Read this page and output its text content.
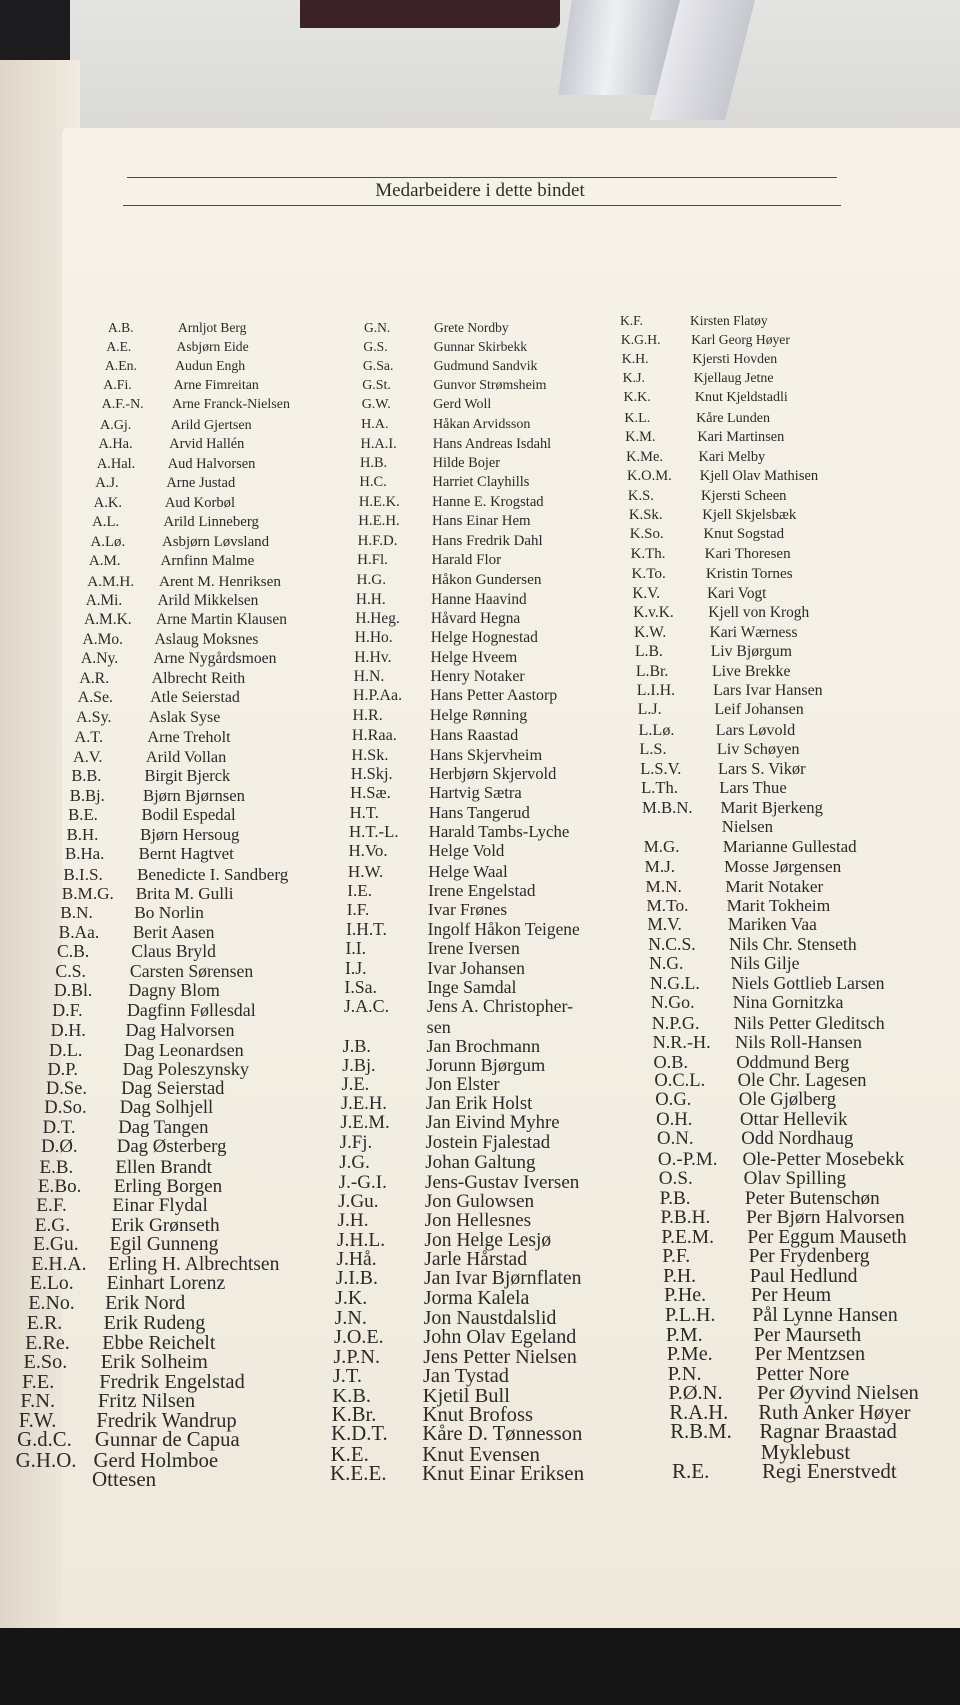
Medarbeidere i dette bindet
A.B.	Arnljot Berg
A.E.	Asbjørn Eide
A.En.	Audun Engh
A.Fi.	Arne Fimreitan
A.F.-N. Arne Franck-Nielsen
A.Gj.	Arild Gjertsen
A.Ha.	Arvid Hallén
A.Hal. Aud Halvorsen
A.J.	Arne Justad
A.K.	Aud Korbøl
A.L.	Arild Linneberg
A.Lø. Asbjørn Løvsland
A.M.	Arnfinn Malme
A.M.H. Arent M. Henriksen
A.Mi. Arild Mikkelsen
A.M.K. Arne Martin Klausen
A.Mo. Aslaug Moksnes
A.Ny. Arne Nygårdsmoen
A.R.	Albrecht Reith
A.Se. Atle Seierstad
A.Sy. Aslak Syse
A.T.	Arne Treholt
A.V.	Arild Vollan
B.B.	Birgit Bjerck
B.Bj. Bjørn Bjørnsen
B.E.	Bodil Espedal
B.H. Bjørn Hersoug
B.Ha. Bernt Hagtvet
B.I.S. Benedicte I. Sandberg
B.M.G. Brita M. Gulli
B.N. Bo Norlin
B.Aa. Berit Aasen
C.B. Claus Bryld
C.S. Carsten Sørensen
D.Bl. Dagny Blom
D.F. Dagfinn Føllesdal
D.H. Dag Halvorsen
D.L. Dag Leonardsen
D.P. Dag Poleszynsky
D.Se. Dag Seierstad
D.So. Dag Solhjell
D.T. Dag Tangen
D.Ø. Dag Østerberg
E.B. Ellen Brandt
E.Bo. Erling Borgen
E.F. Einar Flydal
E.G. Erik Grønseth
E.Gu. Egil Gunneng
E.H.A. Erling H. Albrechtsen
E.Lo. Einhart Lorenz
E.No. Erik Nord
E.R. Erik Rudeng
E.Re. Ebbe Reichelt
E.So. Erik Solheim
F.E. Fredrik Engelstad
F.N. Fritz Nilsen
F.W. Fredrik Wandrup
G.d.C. Gunnar de Capua
G.H.O. Gerd Holmboe
Ottesen
G.N.	Grete Nordby
G.S.	Gunnar Skirbekk
G.Sa.	Gudmund Sandvik
G.St.	Gunvor Strømsheim
G.W.	Gerd Woll
H.A.	Håkan Arvidsson
H.A.I.	Hans Andreas Isdahl
H.B.	Hilde Bojer
H.C.	Harriet Clayhills
H.E.K. Hanne E. Krogstad
H.E.H. Hans Einar Hem
H.F.D. Hans Fredrik Dahl
H.Fl.	Harald Flor
H.G.	Håkon Gundersen
H.H.	Hanne Haavind
H.Heg. Håvard Hegna
H.Ho. Helge Hognestad
H.Hv. Helge Hveem
H.N.	Henry Notaker
H.P.Aa. Hans Petter Aastorp
H.R.	Helge Rønning
H.Raa. Hans Raastad
H.Sk.	Hans Skjervheim
H.Skj. Herbjørn Skjervold
H.Sæ. Hartvig Sætra
H.T.	Hans Tangerud
H.T.-L. Harald Tambs-Lyche
H.Vo. Helge Vold
H.W.	Helge Waal
I.E.	Irene Engelstad
I.F.	Ivar Frønes
I.H.T. Ingolf Håkon Teigene
I.I.	Irene Iversen
I.J.	Ivar Johansen
I.Sa.	Inge Samdal
J.A.C. Jens A. Christopher-
sen
J.B.	Jan Brochmann
J.Bj.	Jorunn Bjørgum
J.E.	Jon Elster
J.E.H. Jan Erik Holst
J.E.M. Jan Eivind Myhre
J.Fj.	Jostein Fjalestad
J.G.	Johan Galtung
J.-G.I. Jens-Gustav Iversen
J.Gu. Jon Gulowsen
J.H.	Jon Hellesnes
J.H.L. Jon Helge Lesjø
J.Hå. Jarle Hårstad
J.I.B. Jan Ivar Bjørnflaten
J.K.	Jorma Kalela
J.N.	Jon Naustdalslid
J.O.E. John Olav Egeland
J.P.N. Jens Petter Nielsen
J.T.	Jan Tystad
K.B.	Kjetil Bull
K.Br. Knut Brofoss
K.D.T. Kåre D. Tønnesson
K.E.	Knut Evensen
K.E.E. Knut Einar Eriksen
K.F.	Kirsten Flatøy
K.G.H. Karl Georg Høyer
K.H.	Kjersti Hovden
K.J.	Kjellaug Jetne
K.K.	Knut Kjeldstadli
K.L.	Kåre Lunden
K.M.	Kari Martinsen
K.Me. Kari Melby
K.O.M. Kjell Olav Mathisen
K.S.	Kjersti Scheen
K.Sk.	Kjell Skjelsbæk
K.So.	Knut Sogstad
K.Th.	Kari Thoresen
K.To.	Kristin Tornes
K.V.	Kari Vogt
K.v.K. Kjell von Krogh
K.W.	Kari Wærness
L.B.	Liv Bjørgum
L.Br.	Live Brekke
L.I.H. Lars Ivar Hansen
L.J.	Leif Johansen
L.Lø.	Lars Løvold
L.S.	Liv Schøyen
L.S.V. Lars S. Vikør
L.Th. Lars Thue
M.B.N. Marit Bjerkeng
Nielsen
M.G.	Marianne Gullestad
M.J.	Mosse Jørgensen
M.N.	Marit Notaker
M.To. Marit Tokheim
M.V.	Mariken Vaa
N.C.S. Nils Chr. Stenseth
N.G.	Nils Gilje
N.G.L. Niels Gottlieb Larsen
N.Go. Nina Gornitzka
N.P.G. Nils Petter Gleditsch
N.R.-H. Nils Roll-Hansen
O.B.	Oddmund Berg
O.C.L. Ole Chr. Lagesen
O.G.	Ole Gjølberg
O.H.	Ottar Hellevik
O.N.	Odd Nordhaug
O.-P.M. Ole-Petter Mosebekk
O.S.	Olav Spilling
P.B.	Peter Butenschøn
P.B.H. Per Bjørn Halvorsen
P.E.M. Per Eggum Mauseth
P.F.	Per Frydenberg
P.H.	Paul Hedlund
P.He. Per Heum
P.L.H. Pål Lynne Hansen
P.M.	Per Maurseth
P.Me. Per Mentzsen
P.N.	Petter Nore
P.Ø.N. Per Øyvind Nielsen
R.A.H. Ruth Anker Høyer
R.B.M. Ragnar Braastad
Myklebust
R.E.	Regi Enerstvedt
